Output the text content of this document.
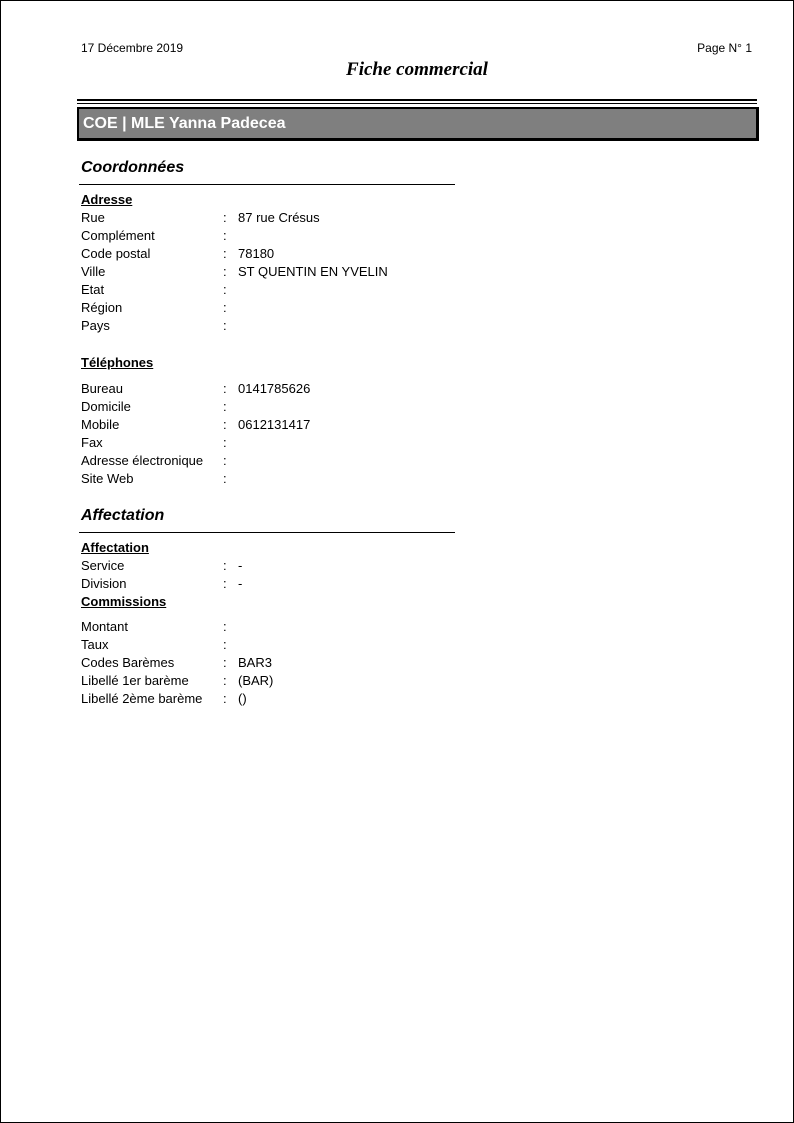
17 Décembre 2019	Page N° 1
Fiche commercial
COE | MLE Yanna Padecea
Coordonnées
Adresse
Rue	: 87 rue Crésus
Complément	:
Code postal	: 78180
Ville	: ST QUENTIN EN YVELIN
Etat	:
Région	:
Pays	:
Téléphones
Bureau	: 0141785626
Domicile	:
Mobile	: 0612131417
Fax	:
Adresse électronique :
Site Web	:
Affectation
Affectation
Service	: -
Division	: -
Commissions
Montant	:
Taux	:
Codes Barèmes	: BAR3
Libellé 1er barème	: (BAR)
Libellé 2ème barème : ()
